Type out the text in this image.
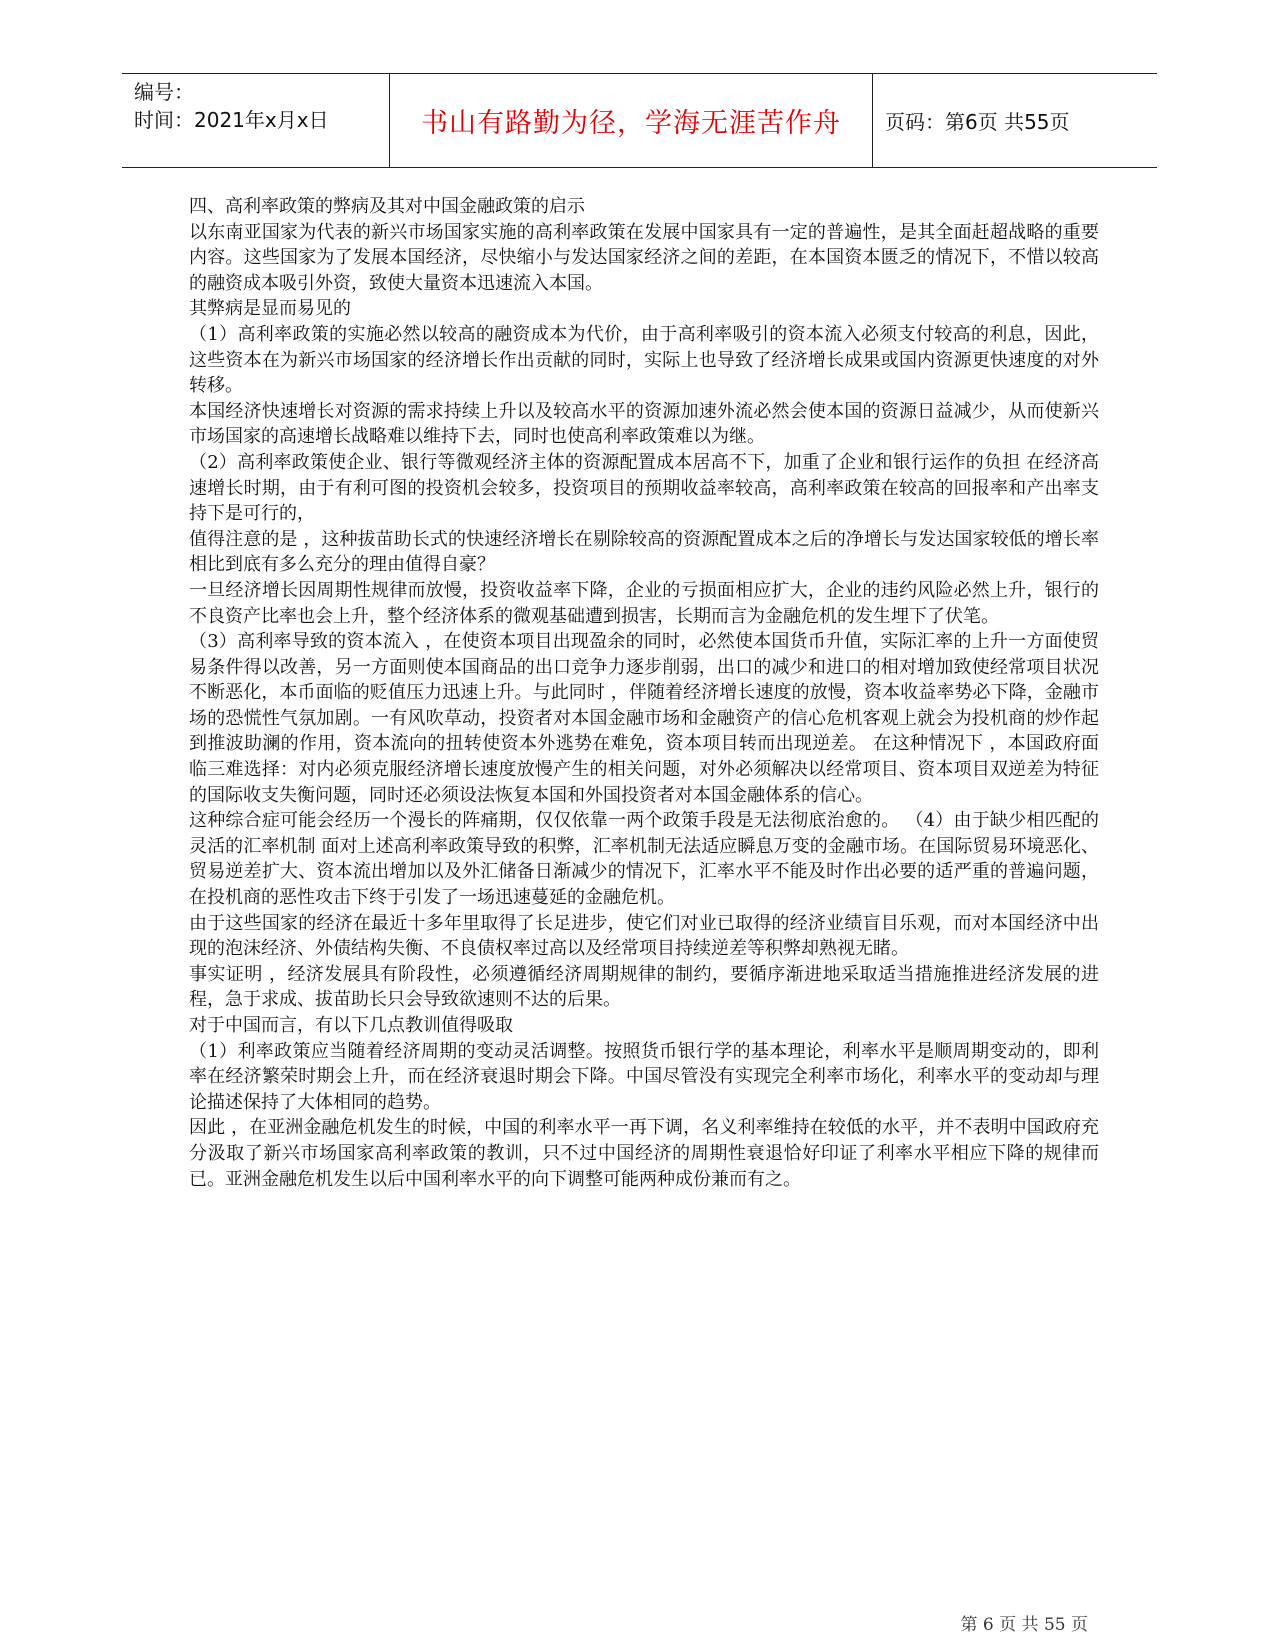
编号：
时间：2021年x月x日	书山有路勤为径，学海无涯苦作舟	页码：第6页 共55页

四、高利率政策的弊病及其对中国金融政策的启示

以东南亚国家为代表的新兴市场国家实施的高利率政策在发展中国家具有一定的普遍性，是其全面赶超战略的重要内容。这些国家为了发展本国经济，尽快缩小与发达国家经济之间的差距，在本国资本匮乏的情况下，不惜以较高的融资成本吸引外资，致使大量资本迅速流入本国。

其弊病是显而易见的

（1）高利率政策的实施必然以较高的融资成本为代价，由于高利率吸引的资本流入必须支付较高的利息，因此，这些资本在为新兴市场国家的经济增长作出贡献的同时，实际上也导致了经济增长成果或国内资源更快速度的对外转移。

本国经济快速增长对资源的需求持续上升以及较高水平的资源加速外流必然会使本国的资源日益减少，从而使新兴市场国家的高速增长战略难以维持下去，同时也使高利率政策难以为继。

（2）高利率政策使企业、银行等微观经济主体的资源配置成本居高不下，加重了企业和银行运作的负担 在经济高速增长时期，由于有利可图的投资机会较多，投资项目的预期收益率较高，高利率政策在较高的回报率和产出率支持下是可行的，

值得注意的是 ，这种拔苗助长式的快速经济增长在剔除较高的资源配置成本之后的净增长与发达国家较低的增长率相比到底有多么充分的理由值得自豪？

一旦经济增长因周期性规律而放慢，投资收益率下降，企业的亏损面相应扩大，企业的违约风险必然上升，银行的不良资产比率也会上升，整个经济体系的微观基础遭到损害，长期而言为金融危机的发生埋下了伏笔。

（3）高利率导致的资本流入 ，在使资本项目出现盈余的同时，必然使本国货币升值，实际汇率的上升一方面使贸易条件得以改善，另一方面则使本国商品的出口竞争力逐步削弱，出口的减少和进口的相对增加致使经常项目状况不断恶化，本币面临的贬值压力迅速上升。与此同时 ，伴随着经济增长速度的放慢，资本收益率势必下降，金融市场的恐慌性气氛加剧。一有风吹草动，投资者对本国金融市场和金融资产的信心危机客观上就会为投机商的炒作起到推波助澜的作用，资本流向的扭转使资本外逃势在难免，资本项目转而出现逆差。 在这种情况下 ，本国政府面临三难选择：对内必须克服经济增长速度放慢产生的相关问题，对外必须解决以经常项目、资本项目双逆差为特征的国际收支失衡问题，同时还必须设法恢复本国和外国投资者对本国金融体系的信心。

这种综合症可能会经历一个漫长的阵痛期，仅仅依靠一两个政策手段是无法彻底治愈的。 （4）由于缺少相匹配的灵活的汇率机制 面对上述高利率政策导致的积弊，汇率机制无法适应瞬息万变的金融市场。在国际贸易环境恶化、贸易逆差扩大、资本流出增加以及外汇储备日渐减少的情况下，汇率水平不能及时作出必要的适严重的普遍问题，在投机商的恶性攻击下终于引发了一场迅速蔓延的金融危机。

由于这些国家的经济在最近十多年里取得了长足进步，使它们对业已取得的经济业绩盲目乐观，而对本国经济中出现的泡沫经济、外债结构失衡、不良债权率过高以及经常项目持续逆差等积弊却熟视无睹。

事实证明 ，经济发展具有阶段性，必须遵循经济周期规律的制约，要循序渐进地采取适当措施推进经济发展的进程，急于求成、拔苗助长只会导致欲速则不达的后果。

对于中国而言，有以下几点教训值得吸取

（1）利率政策应当随着经济周期的变动灵活调整。按照货币银行学的基本理论，利率水平是顺周期变动的，即利率在经济繁荣时期会上升，而在经济衰退时期会下降。中国尽管没有实现完全利率市场化，利率水平的变动却与理论描述保持了大体相同的趋势。

因此 ，在亚洲金融危机发生的时候，中国的利率水平一再下调，名义利率维持在较低的水平，并不表明中国政府充分汲取了新兴市场国家高利率政策的教训，只不过中国经济的周期性衰退恰好印证了利率水平相应下降的规律而已。亚洲金融危机发生以后中国利率水平的向下调整可能两种成份兼而有之。

第 6 页 共 55 页
